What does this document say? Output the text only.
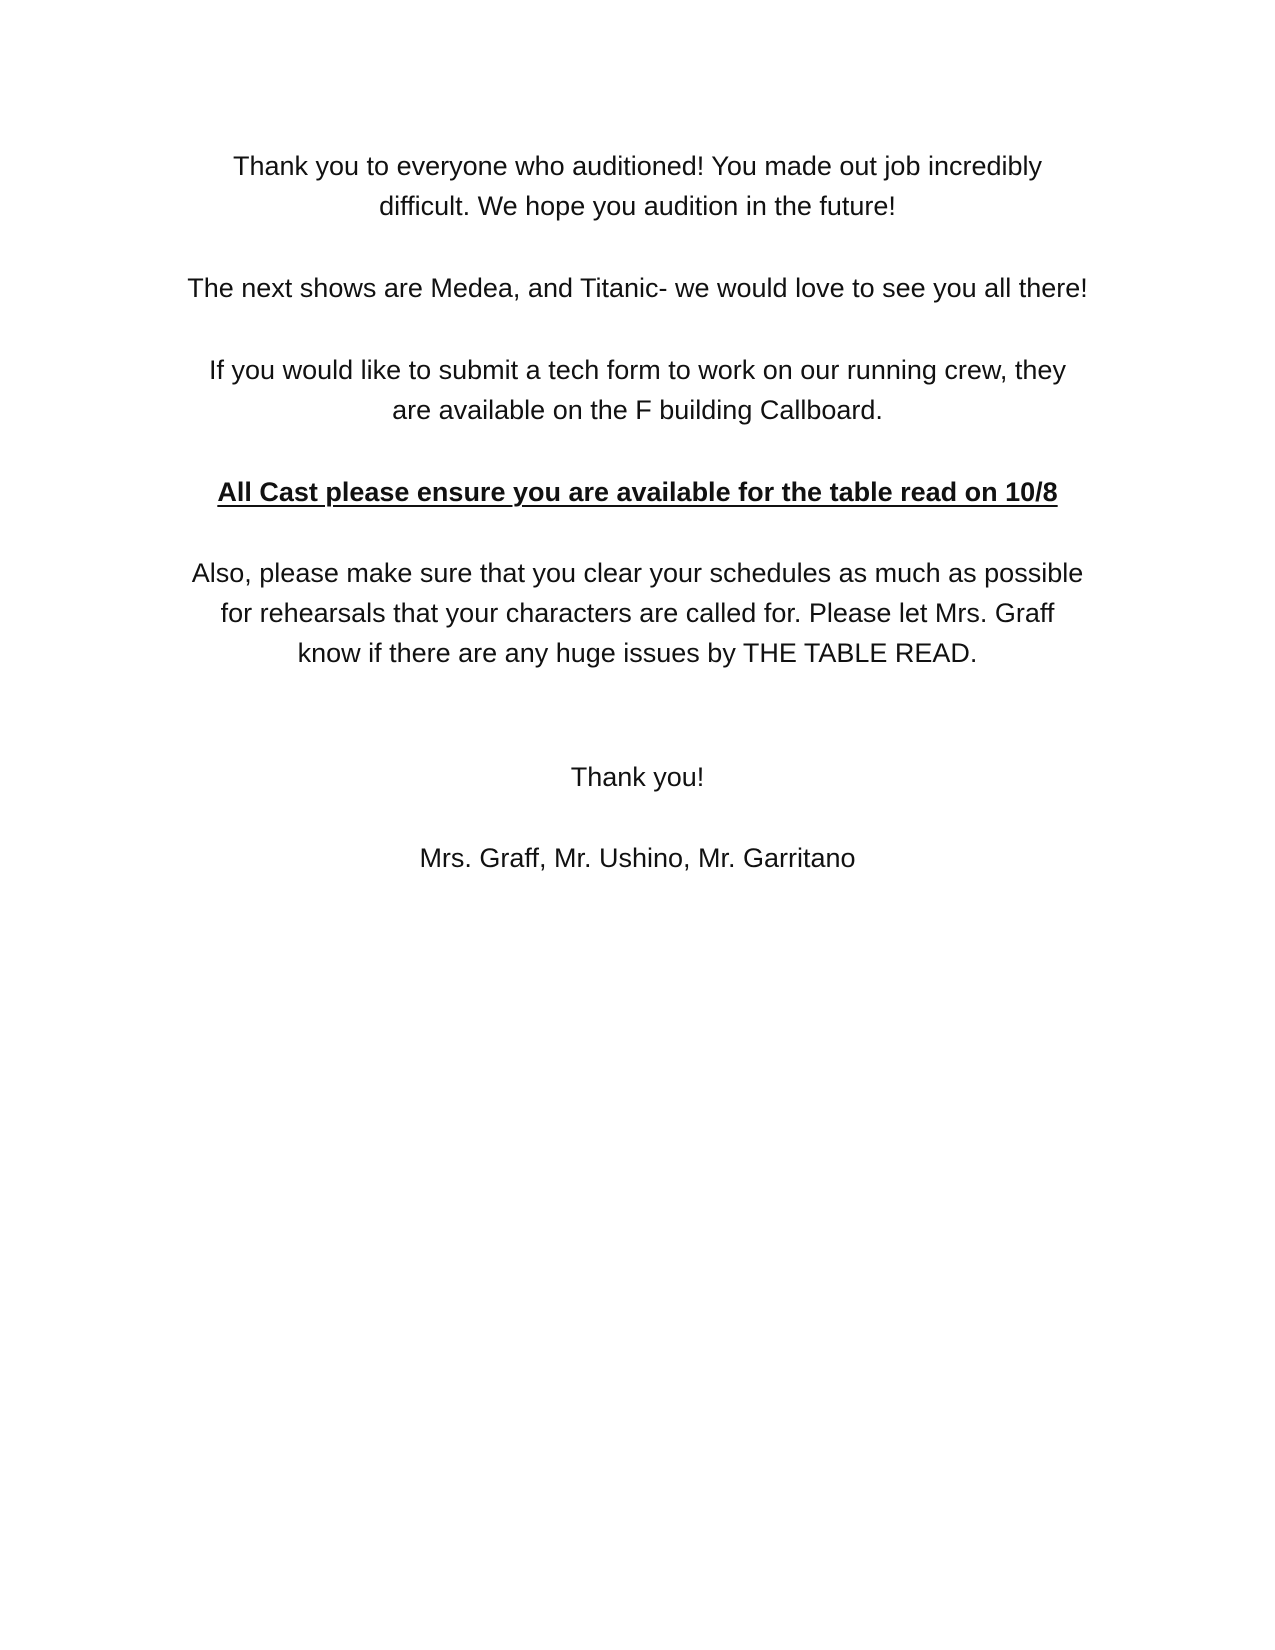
Thank you to everyone who auditioned! You made out job incredibly
difficult. We hope you audition in the future!

The next shows are Medea, and Titanic- we would love to see you all there!

If you would like to submit a tech form to work on our running crew, they
are available on the F building Callboard.

All Cast please ensure you are available for the table read on 10/8

Also, please make sure that you clear your schedules as much as possible
for rehearsals that your characters are called for. Please let Mrs. Graff
know if there are any huge issues by THE TABLE READ.

Thank you!

Mrs. Graff, Mr. Ushino, Mr. Garritano
